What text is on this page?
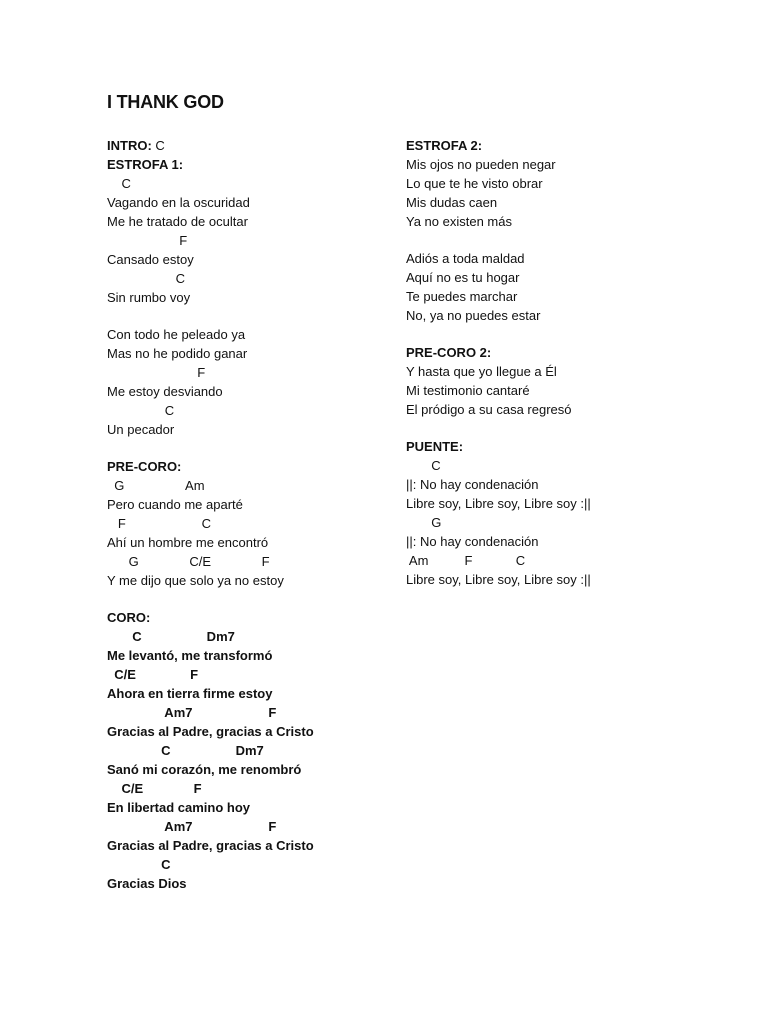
I THANK GOD
INTRO: C
ESTROFA 1:
C
Vagando en la oscuridad
Me he tratado de ocultar
F
Cansado estoy
C
Sin rumbo voy
Con todo he peleado ya
Mas no he podido ganar
F
Me estoy desviando
C
Un pecador
PRE-CORO:
G                 Am
Pero cuando me aparté
F                     C
Ahí un hombre me encontró
G              C/E              F
Y me dijo que solo ya no estoy
CORO:
C                  Dm7
Me levantó, me transformó
C/E               F
Ahora en tierra firme estoy
Am7                     F
Gracias al Padre, gracias a Cristo
C                  Dm7
Sanó mi corazón, me renombró
C/E              F
En libertad camino hoy
Am7                     F
Gracias al Padre, gracias a Cristo
C
Gracias Dios
ESTROFA 2:
Mis ojos no pueden negar
Lo que te he visto obrar
Mis dudas caen
Ya no existen más
Adiós a toda maldad
Aquí no es tu hogar
Te puedes marchar
No, ya no puedes estar
PRE-CORO 2:
Y hasta que yo llegue a Él
Mi testimonio cantaré
El pródigo a su casa regresó
PUENTE:
C
||: No hay condenación
Libre soy, Libre soy, Libre soy :||
G
||: No hay condenación
Am          F            C
Libre soy, Libre soy, Libre soy :||
